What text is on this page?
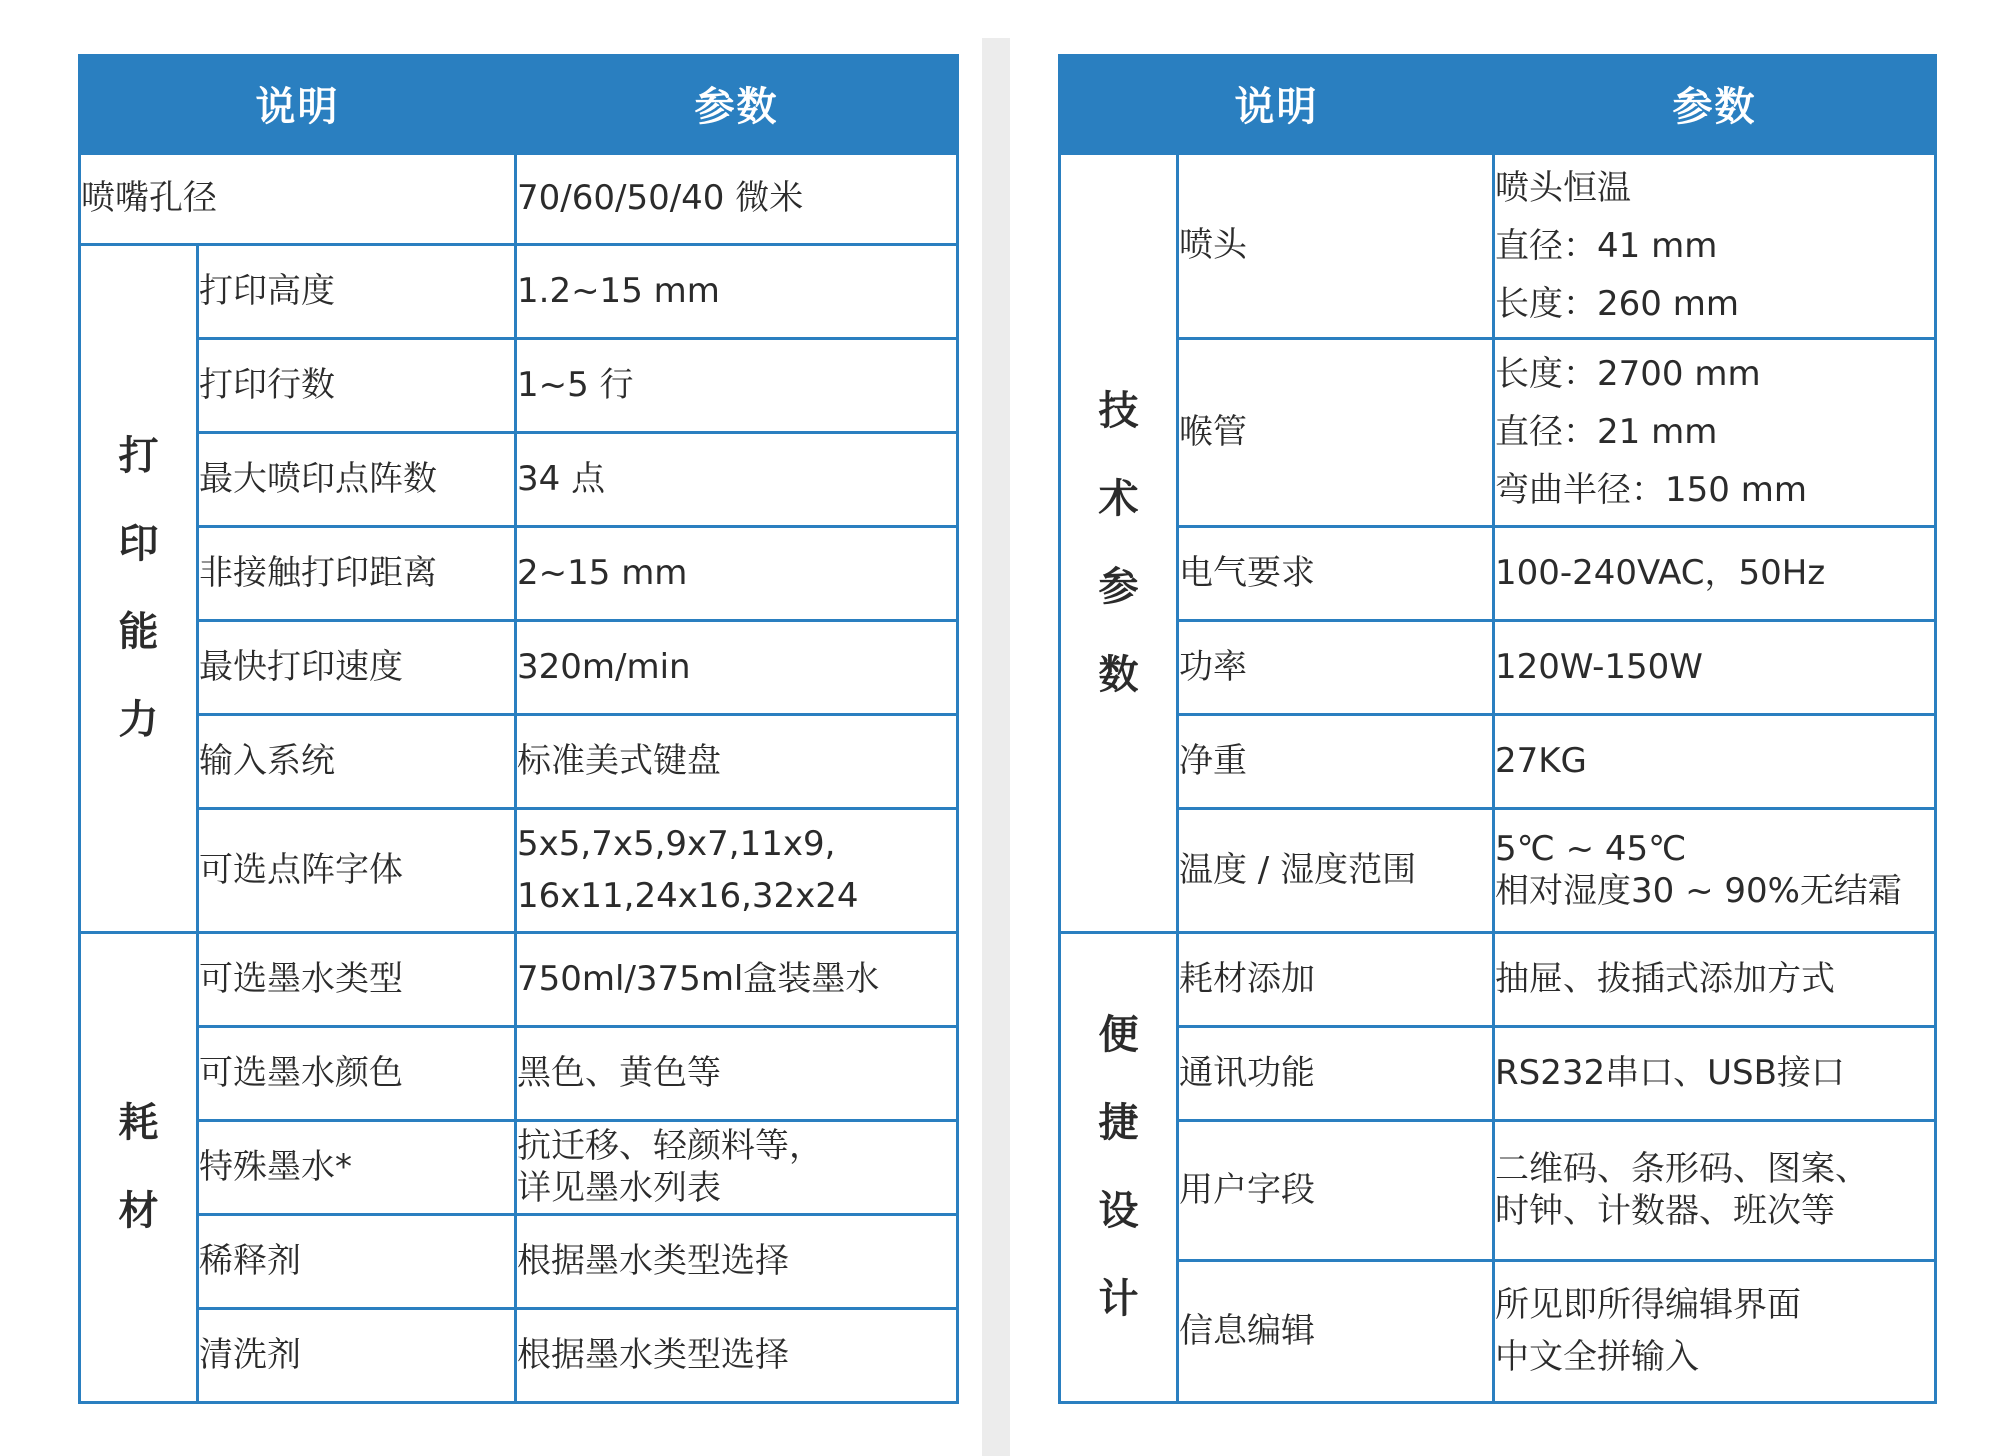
说明		参数
喷嘴孔径		70/60/50/40 微米

打
印
能
力	打印高度	1.2~15 mm
	打印行数	1~5 行
	最大喷印点阵数	34 点
	非接触打印距离	2~15 mm
	最快打印速度	320m/min
	输入系统	标准美式键盘
	可选点阵字体	5x5,7x5,9x7,11x9,
16x11,24x16,32x24

耗
材	可选墨水类型	750ml/375ml盒装墨水
	可选墨水颜色	黑色、黄色等
	特殊墨水*	抗迁移、轻颜料等，
详见墨水列表

	稀释剂	根据墨水类型选择
	清洗剂	根据墨水类型选择
说明		参数

技
术
参
数	喷头	喷头恒温
直径：41 mm
长度：260 mm

	喉管	长度：2700 mm
直径：21 mm
弯曲半径：150 mm

	电气要求	100-240VAC，50Hz
	功率	120W-150W
	净重	27KG
	温度 / 湿度范围	5℃ ~ 45℃
相对湿度30 ~ 90%无结霜

便
捷
设
计	耗材添加	抽屉、拔插式添加方式
	通讯功能	RS232串口、USB接口
	用户字段	二维码、条形码、图案、
时钟、计数器、班次等

	信息编辑	所见即所得编辑界面
中文全拼输入
